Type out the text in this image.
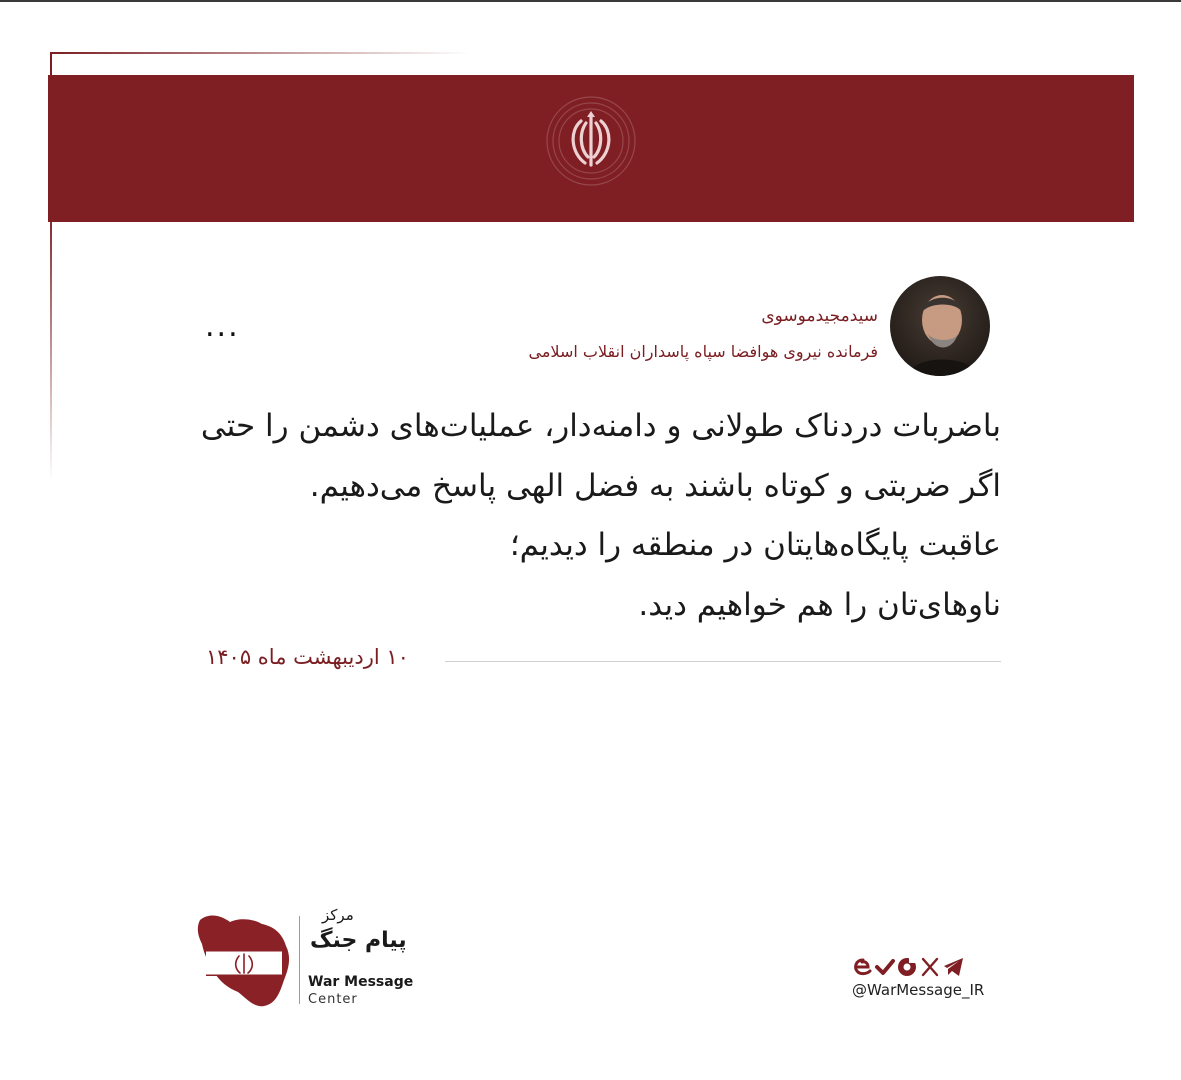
سیدمجیدموسوی
فرمانده نیروی هوافضا سپاه پاسداران انقلاب اسلامی
...
باضربات دردناک طولانی و دامنه‌دار، عملیات‌های دشمن را حتی
اگر ضربتی و کوتاه باشند به فضل الهی پاسخ می‌دهیم.
عاقبت پایگاه‌هایتان در منطقه را دیدیم؛
ناوهای‌تان را هم خواهیم دید.
۱۰ اردیبهشت ماه ۱۴۰۵
مرکز
پیام جنگ
War Message
Center
@WarMessage_IR
